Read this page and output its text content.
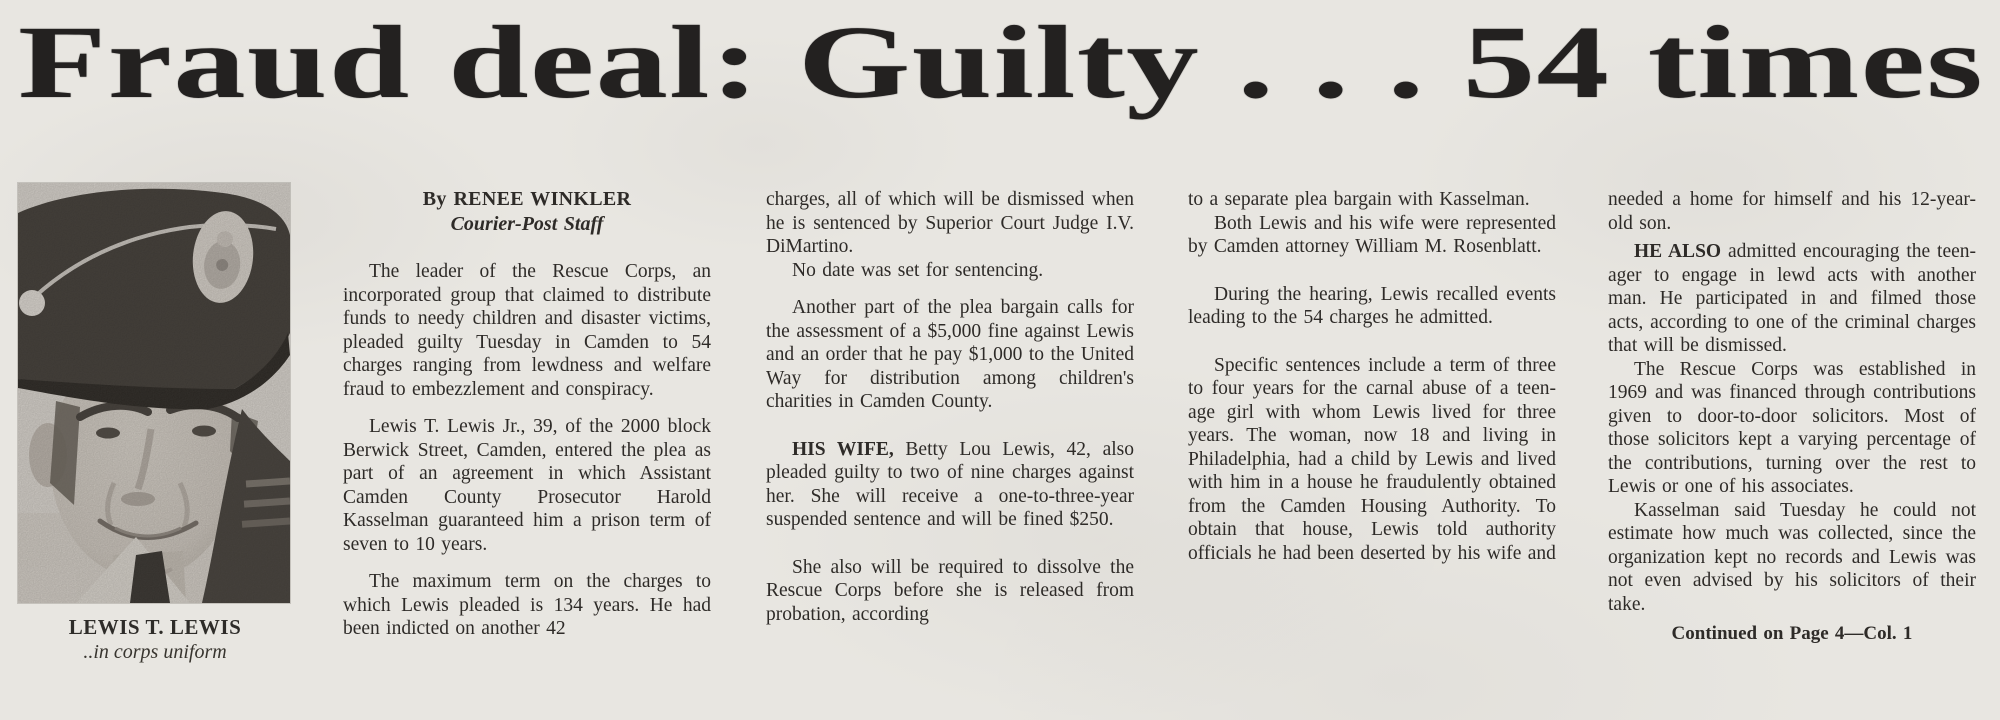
Fraud deal: Guilty . . . 54 times
LEWIS T. LEWIS
..in corps uniform
By RENEE WINKLER
Courier-Post Staff

The leader of the Rescue Corps, an incorporated group that claimed to distribute funds to needy children and disaster victims, pleaded guilty Tuesday in Camden to 54 charges ranging from lewdness and welfare fraud to embezzlement and conspiracy.

Lewis T. Lewis Jr., 39, of the 2000 block Berwick Street, Camden, entered the plea as part of an agreement in which Assistant Camden County Prosecutor Harold Kasselman guaranteed him a prison term of seven to 10 years.

The maximum term on the charges to which Lewis pleaded is 134 years. He had been indicted on another 42

charges, all of which will be dismissed when he is sentenced by Superior Court Judge I.V. DiMartino.

No date was set for sentencing.

Another part of the plea bargain calls for the assessment of a $5,000 fine against Lewis and an order that he pay $1,000 to the United Way for distribution among children's charities in Camden County.

HIS WIFE, Betty Lou Lewis, 42, also pleaded guilty to two of nine charges against her. She will receive a one-to-three-year suspended sentence and will be fined $250.

She also will be required to dissolve the Rescue Corps before she is released from probation, according

to a separate plea bargain with Kasselman.

Both Lewis and his wife were represented by Camden attorney William M. Rosenblatt.

During the hearing, Lewis recalled events leading to the 54 charges he admitted.

Specific sentences include a term of three to four years for the carnal abuse of a teen-age girl with whom Lewis lived for three years. The woman, now 18 and living in Philadelphia, had a child by Lewis and lived with him in a house he fraudulently obtained from the Camden Housing Authority. To obtain that house, Lewis told authority officials he had been deserted by his wife and

needed a home for himself and his 12-year-old son.

HE ALSO admitted encouraging the teen-ager to engage in lewd acts with another man. He participated in and filmed those acts, according to one of the criminal charges that will be dismissed.

The Rescue Corps was established in 1969 and was financed through contributions given to door-to-door solicitors. Most of those solicitors kept a varying percentage of the contributions, turning over the rest to Lewis or one of his associates.

Kasselman said Tuesday he could not estimate how much was collected, since the organization kept no records and Lewis was not even advised by his solicitors of their take.

Continued on Page 4—Col. 1
